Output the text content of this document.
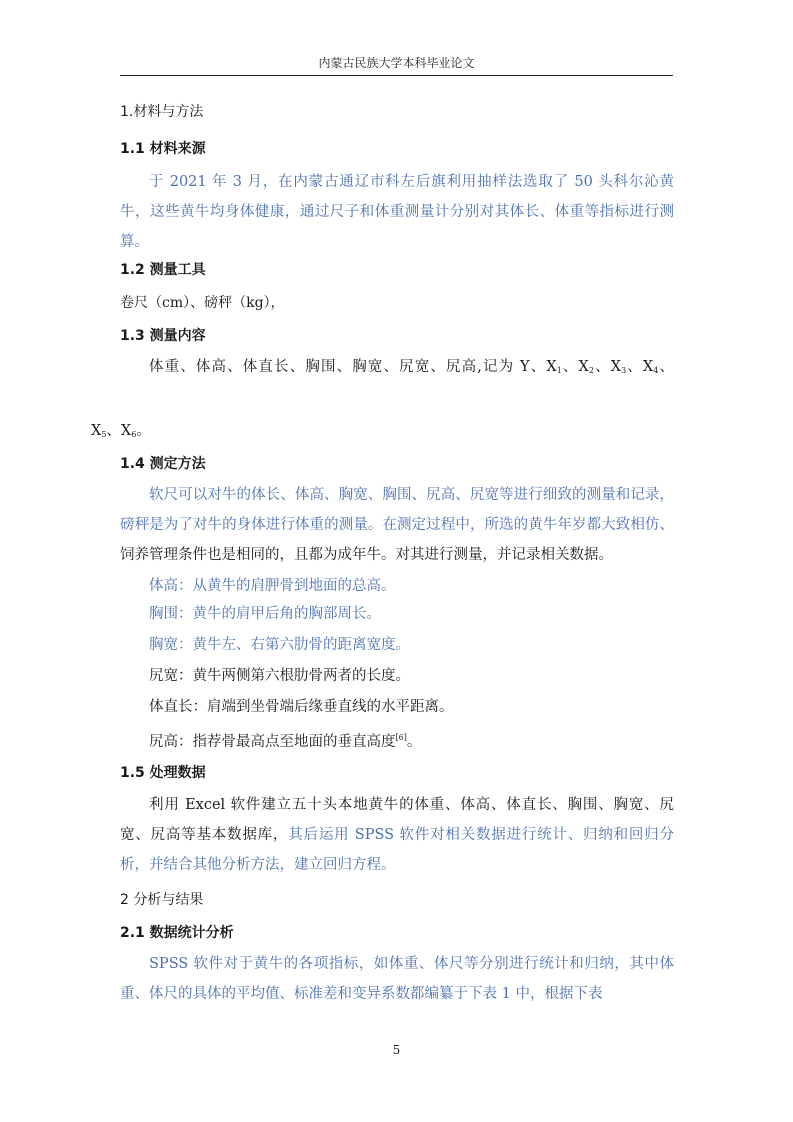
内蒙古民族大学本科毕业论文

1.材料与方法

1.1 材料来源

于 2021 年 3 月，在内蒙古通辽市科左后旗利用抽样法选取了 50 头科尔沁黄牛，这些黄牛均身体健康，通过尺子和体重测量计分别对其体长、体重等指标进行测算。

1.2 测量工具

卷尺（cm）、磅秤（kg），

1.3 测量内容

体重、体高、体直长、胸围、胸宽、尻宽、尻高,记为 Y、$X_1$、$X_2$、$X_3$、$X_4$、
$X_5$、$X_6$。

1.4 测定方法

软尺可以对牛的体长、体高、胸宽、胸围、尻高、尻宽等进行细致的测量和记录，磅秤是为了对牛的身体进行体重的测量。在测定过程中，所选的黄牛年岁都大致相仿、饲养管理条件也是相同的，且都为成年牛。对其进行测量，并记录相关数据。

体高：从黄牛的肩胛骨到地面的总高。

胸围：黄牛的肩甲后角的胸部周长。

胸宽：黄牛左、右第六肋骨的距离宽度。

尻宽：黄牛两侧第六根肋骨两者的长度。

体直长：肩端到坐骨端后缘垂直线的水平距离。

尻高：指荐骨最高点至地面的垂直高度[6]。

1.5 处理数据

利用 Excel 软件建立五十头本地黄牛的体重、体高、体直长、胸围、胸宽、尻宽、尻高等基本数据库，其后运用 SPSS 软件对相关数据进行统计、归纳和回归分析，并结合其他分析方法，建立回归方程。

2 分析与结果

2.1 数据统计分析

SPSS 软件对于黄牛的各项指标，如体重、体尺等分别进行统计和归纳，其中体重、体尺的具体的平均值、标准差和变异系数都编纂于下表 1 中，根据下表

5
